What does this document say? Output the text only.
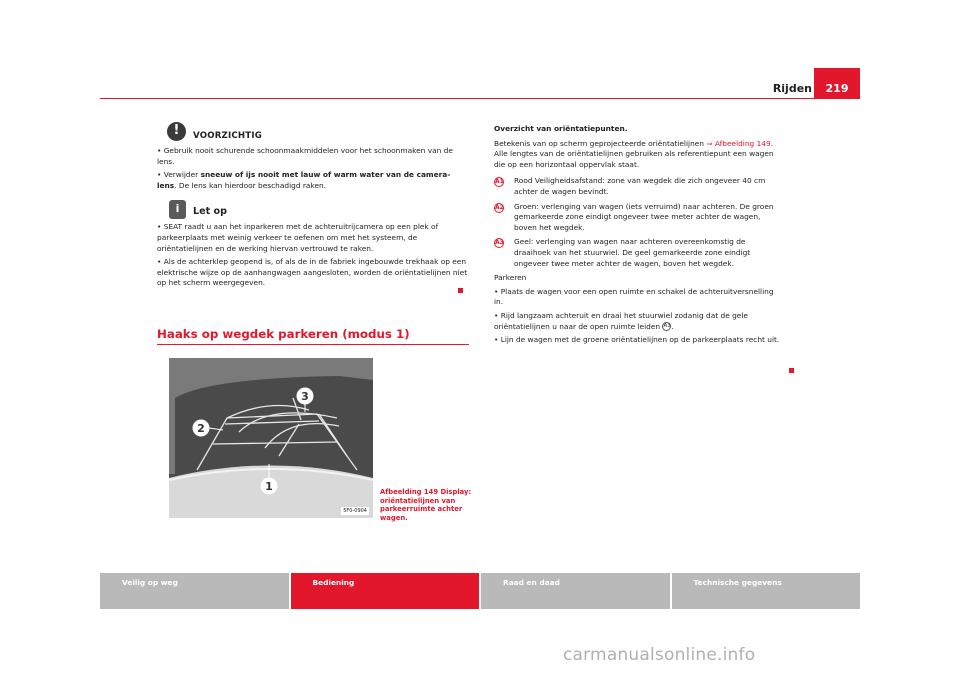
Rijden	219
!	VOORZICHTIG

• Gebruik nooit schurende schoonmaakmiddelen voor het schoonmaken van de lens.

• Verwijder sneeuw of ijs nooit met lauw of warm water van de camera-lens. De lens kan hierdoor beschadigd raken.

i	Let op

• SEAT raadt u aan het inparkeren met de achteruitrijcamera op een plek of parkeerplaats met weinig verkeer te oefenen om met het systeem, de oriëntatielijnen en de werking hiervan vertrouwd te raken.

• Als de achterklep geopend is, of als de in de fabriek ingebouwde trekhaak op een elektrische wijze op de aanhangwagen aangesloten, worden de oriëntatielijnen niet op het scherm weergegeven.

Haaks op wegdek parkeren (modus 1)
3
2
1
5F0-0904
Afbeelding 149 Display: oriëntatielijnen van parkeerruimte achter wagen.

Overzicht van oriëntatiepunten.

Betekenis van op scherm geprojecteerde oriëntatielijnen ⇒ Afbeelding 149. Alle lengtes van de oriëntatielijnen gebruiken als referentiepunt een wagen die op een horizontaal oppervlak staat.

A1	Rood Veiligheidsafstand: zone van wegdek die zich ongeveer 40 cm achter de wagen bevindt.
A2	Groen: verlenging van wagen (iets verruimd) naar achteren. De groen gemarkeerde zone eindigt ongeveer twee meter achter de wagen, boven het wegdek.
A3	Geel: verlenging van wagen naar achteren overeenkomstig de draaihoek van het stuurwiel. De geel gemarkeerde zone eindigt ongeveer twee meter achter de wagen, boven het wegdek.

Parkeren

• Plaats de wagen voor een open ruimte en schakel de achteruitversnelling in.

• Rijd langzaam achteruit en draai het stuurwiel zodanig dat de gele oriëntatielijnen u naar de open ruimte leiden A3.

• Lijn de wagen met de groene oriëntatielijnen op de parkeerplaats recht uit.

Veilig op weg	Bediening	Raad en daad	Technische gegevens
carmanualsonline.info
